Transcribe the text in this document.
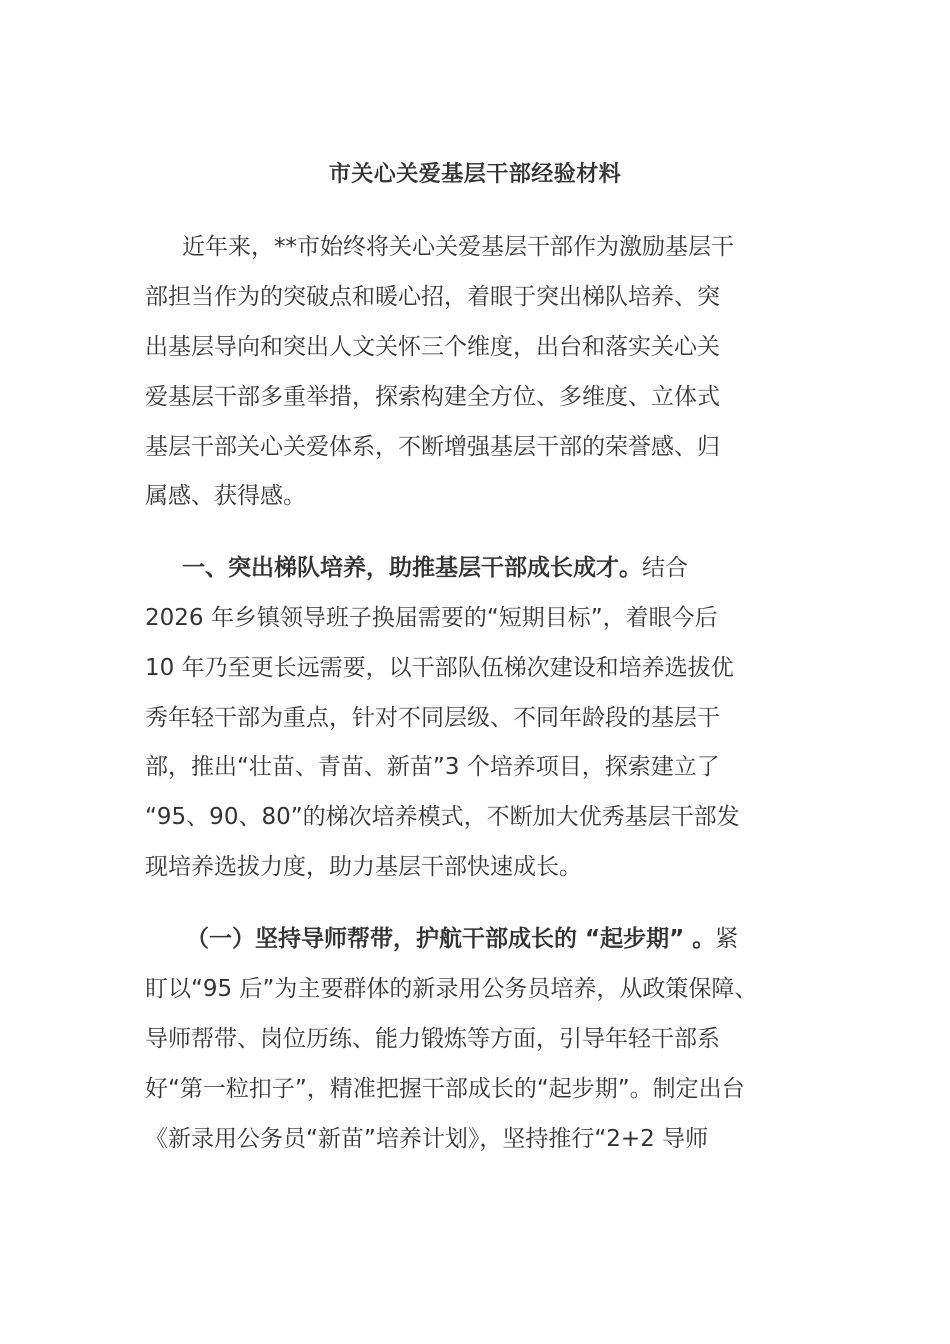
市关心关爱基层干部经验材料
近年来，**市始终将关心关爱基层干部作为激励基层干
部担当作为的突破点和暖心招，着眼于突出梯队培养、突
出基层导向和突出人文关怀三个维度，出台和落实关心关
爱基层干部多重举措，探索构建全方位、多维度、立体式
基层干部关心关爱体系，不断增强基层干部的荣誉感、归
属感、获得感。
一、突出梯队培养，助推基层干部成长成才。结合
2026 年乡镇领导班子换届需要的“短期目标”，着眼今后
10 年乃至更长远需要，以干部队伍梯次建设和培养选拔优
秀年轻干部为重点，针对不同层级、不同年龄段的基层干
部，推出“壮苗、青苗、新苗”3 个培养项目，探索建立了
“95、90、80”的梯次培养模式，不断加大优秀基层干部发
现培养选拔力度，助力基层干部快速成长。
（一）坚持导师帮带，护航干部成长的 “起步期” 。紧
盯以“95 后”为主要群体的新录用公务员培养，从政策保障、
导师帮带、岗位历练、能力锻炼等方面，引导年轻干部系
好“第一粒扣子”，精准把握干部成长的“起步期”。制定出台
《新录用公务员“新苗”培养计划》，坚持推行“2+2 导师
